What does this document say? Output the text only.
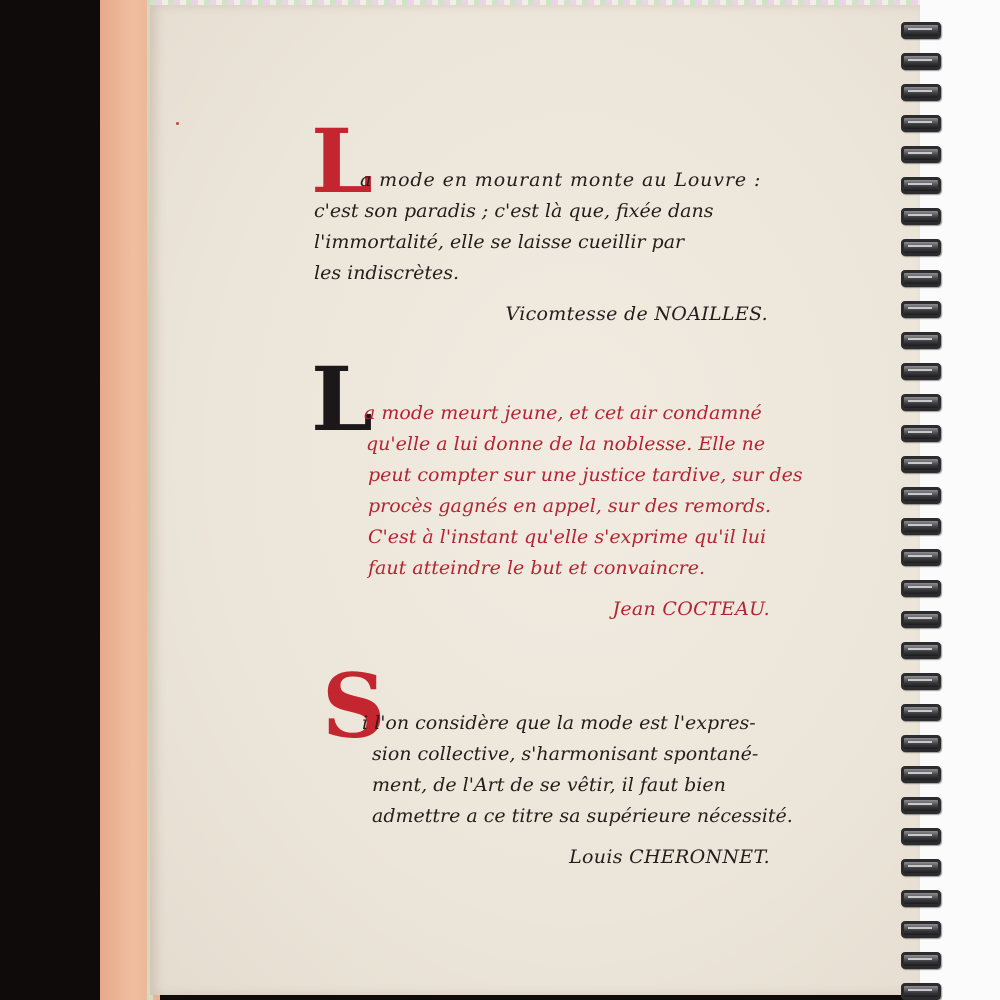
L
a mode en mourant monte au Louvre :
c'est son paradis ; c'est là que, fixée dans
l'immortalité, elle se laisse cueillir par
les indiscrètes.
Vicomtesse de NOAILLES.
L
a mode meurt jeune, et cet air condamné
qu'elle a lui donne de la noblesse. Elle ne
peut compter sur une justice tardive, sur des
procès gagnés en appel, sur des remords.
C'est à l'instant qu'elle s'exprime qu'il lui
faut atteindre le but et convaincre.
Jean COCTEAU.
S
i l'on considère que la mode est l'expres-
sion collective, s'harmonisant spontané-
ment, de l'Art de se vêtir, il faut bien
admettre a ce titre sa supérieure nécessité.
Louis CHERONNET.
